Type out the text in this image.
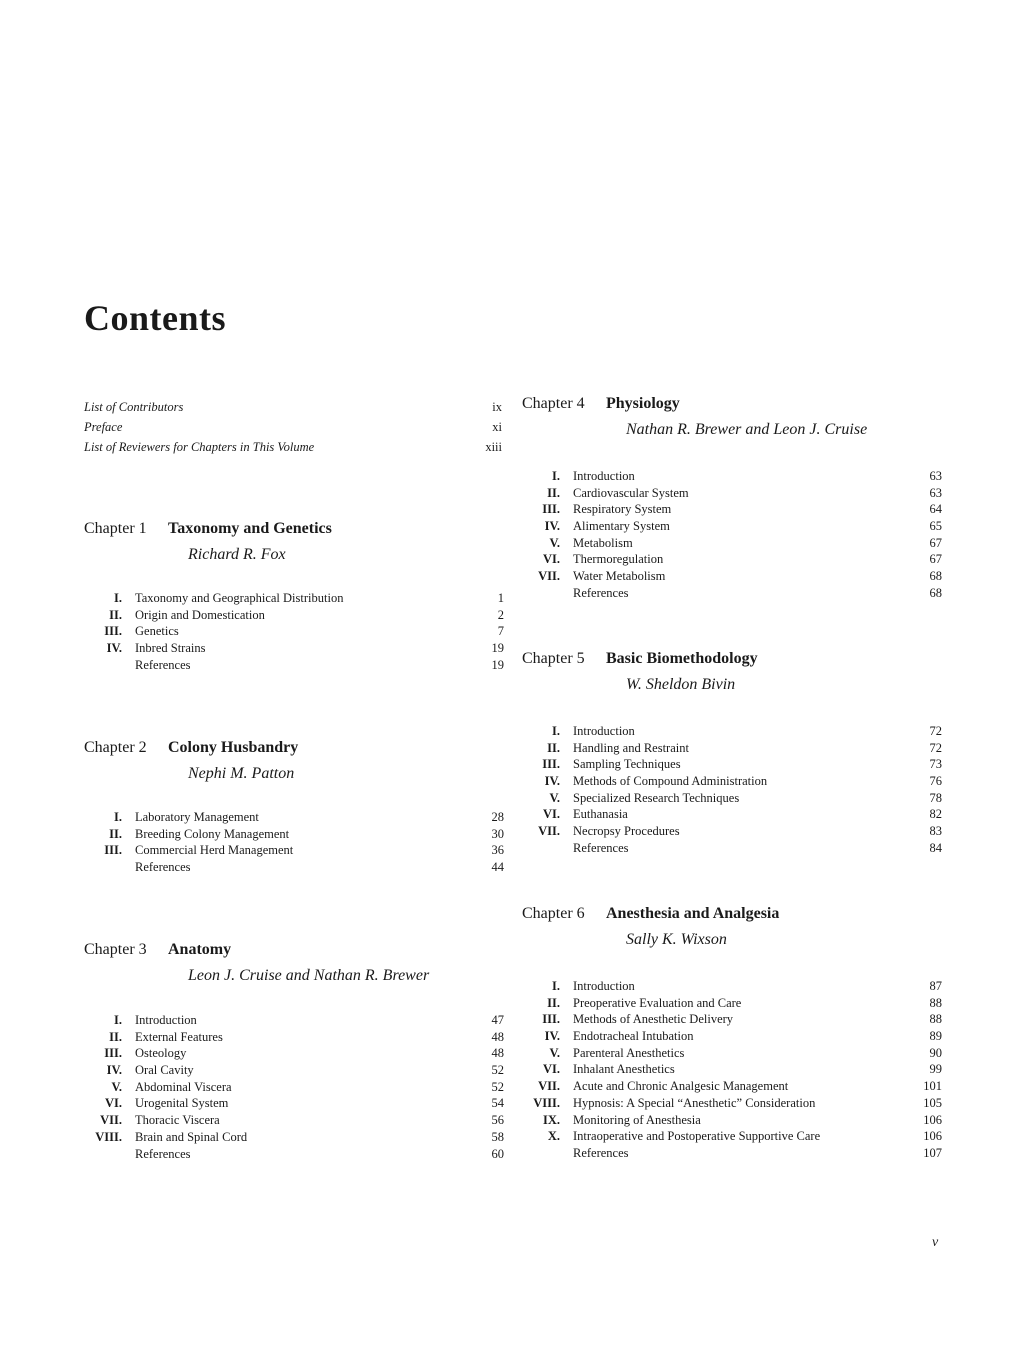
Contents
List of Contributors	ix
Preface	xi
List of Reviewers for Chapters in This Volume	xiii
Chapter 1 Taxonomy and Genetics
Richard R. Fox
I. Taxonomy and Geographical Distribution	1
II. Origin and Domestication	2
III. Genetics	7
IV. Inbred Strains	19
References	19
Chapter 2 Colony Husbandry
Nephi M. Patton
I. Laboratory Management	28
II. Breeding Colony Management	30
III. Commercial Herd Management	36
References	44
Chapter 3 Anatomy
Leon J. Cruise and Nathan R. Brewer
I. Introduction	47
II. External Features	48
III. Osteology	48
IV. Oral Cavity	52
V. Abdominal Viscera	52
VI. Urogenital System	54
VII. Thoracic Viscera	56
VIII. Brain and Spinal Cord	58
References	60
Chapter 4 Physiology
Nathan R. Brewer and Leon J. Cruise
I. Introduction	63
II. Cardiovascular System	63
III. Respiratory System	64
IV. Alimentary System	65
V. Metabolism	67
VI. Thermoregulation	67
VII. Water Metabolism	68
References	68
Chapter 5 Basic Biomethodology
W. Sheldon Bivin
I. Introduction	72
II. Handling and Restraint	72
III. Sampling Techniques	73
IV. Methods of Compound Administration	76
V. Specialized Research Techniques	78
VI. Euthanasia	82
VII. Necropsy Procedures	83
References	84
Chapter 6 Anesthesia and Analgesia
Sally K. Wixson
I. Introduction	87
II. Preoperative Evaluation and Care	88
III. Methods of Anesthetic Delivery	88
IV. Endotracheal Intubation	89
V. Parenteral Anesthetics	90
VI. Inhalant Anesthetics	99
VII. Acute and Chronic Analgesic Management	101
VIII. Hypnosis: A Special “Anesthetic” Consideration	105
IX. Monitoring of Anesthesia	106
X. Intraoperative and Postoperative Supportive Care	106
References	107
v
